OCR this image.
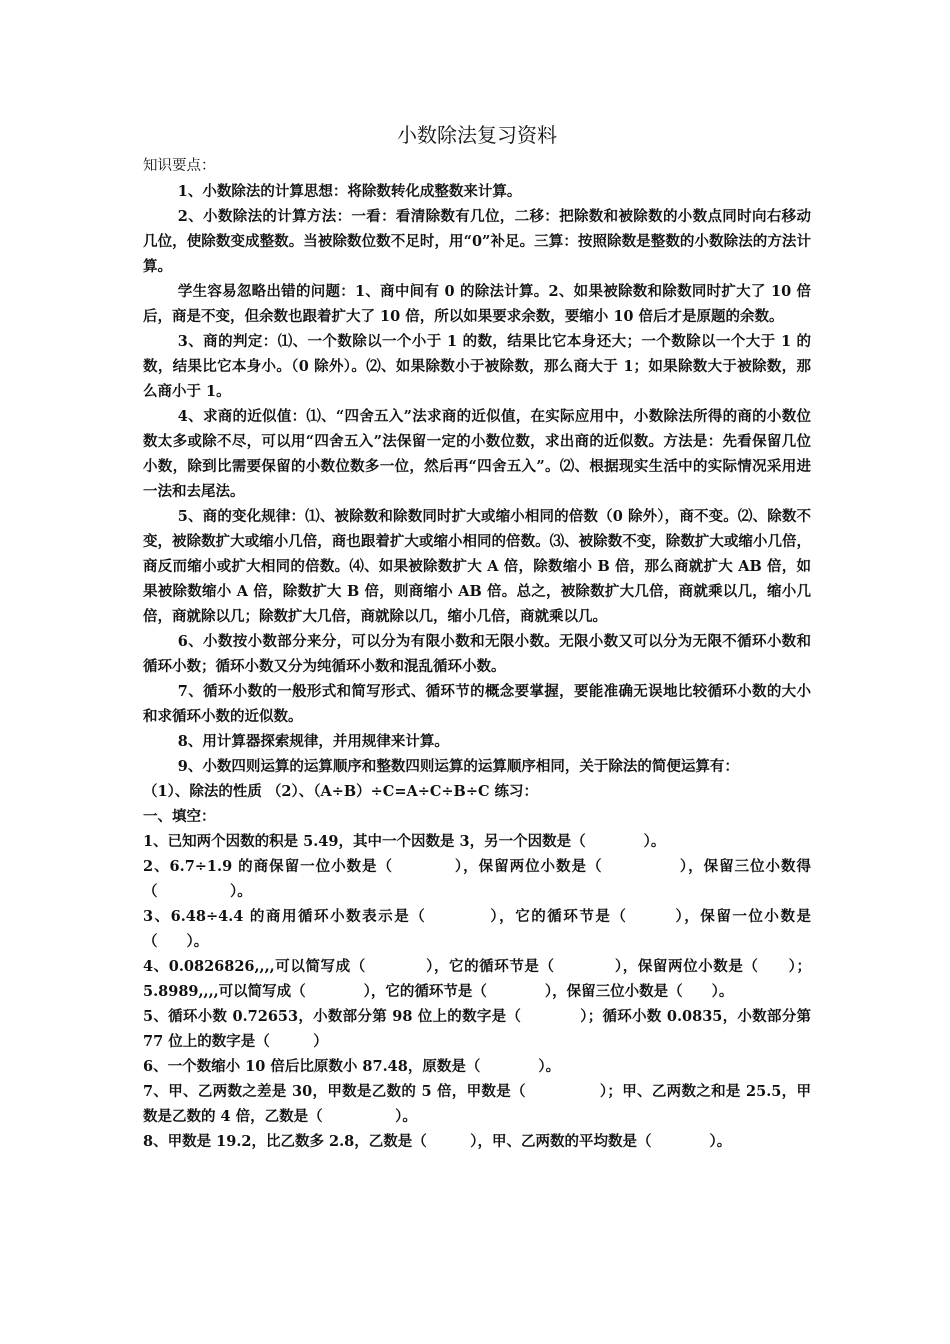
小数除法复习资料

知识要点：

1、小数除法的计算思想：将除数转化成整数来计算。

2、小数除法的计算方法：一看：看清除数有几位，二移：把除数和被除数的小数点同时向右移动几位，使除数变成整数。当被除数位数不足时，用“0”补足。三算：按照除数是整数的小数除法的方法计算。

学生容易忽略出错的问题：1、商中间有 0 的除法计算。2、如果被除数和除数同时扩大了 10 倍后，商是不变，但余数也跟着扩大了 10 倍，所以如果要求余数，要缩小 10 倍后才是原题的余数。

3、商的判定：⑴、一个数除以一个小于 1 的数，结果比它本身还大；一个数除以一个大于 1 的数，结果比它本身小。（0 除外）。⑵、如果除数小于被除数，那么商大于 1；如果除数大于被除数，那么商小于 1。

4、求商的近似值：⑴、“四舍五入”法求商的近似值，在实际应用中，小数除法所得的商的小数位数太多或除不尽，可以用“四舍五入”法保留一定的小数位数，求出商的近似数。方法是：先看保留几位小数，除到比需要保留的小数位数多一位，然后再“四舍五入”。⑵、根据现实生活中的实际情况采用进一法和去尾法。

5、商的变化规律：⑴、被除数和除数同时扩大或缩小相同的倍数（0 除外），商不变。⑵、除数不变，被除数扩大或缩小几倍，商也跟着扩大或缩小相同的倍数。⑶、被除数不变，除数扩大或缩小几倍，商反而缩小或扩大相同的倍数。⑷、如果被除数扩大 A 倍，除数缩小 B 倍，那么商就扩大 AB 倍，如果被除数缩小 A 倍，除数扩大 B 倍，则商缩小 AB 倍。总之，被除数扩大几倍，商就乘以几，缩小几倍，商就除以几；除数扩大几倍，商就除以几，缩小几倍，商就乘以几。

6、小数按小数部分来分，可以分为有限小数和无限小数。无限小数又可以分为无限不循环小数和循环小数；循环小数又分为纯循环小数和混乱循环小数。

7、循环小数的一般形式和简写形式、循环节的概念要掌握，要能准确无误地比较循环小数的大小和求循环小数的近似数。

8、用计算器探索规律，并用规律来计算。

9、小数四则运算的运算顺序和整数四则运算的运算顺序相同，关于除法的简便运算有：

（1）、除法的性质 （2）、（A÷B）÷C=A÷C÷B÷C 练习：

一、填空：

1、已知两个因数的积是 5.49，其中一个因数是 3，另一个因数是（　　　　）。

2、6.7÷1.9 的商保留一位小数是（　　　　），保留两位小数是（　　　　　），保留三位小数得（　　　　　）。

3、6.48÷4.4 的商用循环小数表示是（　　　　），它的循环节是（　　　），保留一位小数是（　　）。

4、0.0826826,,,,可以简写成（　　　　），它的循环节是（　　　　），保留两位小数是（　　）；5.8989,,,,可以简写成（　　　　），它的循环节是（　　　　），保留三位小数是（　　）。

5、循环小数 0.72653，小数部分第 98 位上的数字是（　　　　）；循环小数 0.0835，小数部分第 77 位上的数字是（　　　）

6、一个数缩小 10 倍后比原数小 87.48，原数是（　　　　）。

7、甲、乙两数之差是 30，甲数是乙数的 5 倍，甲数是（　　　　　）；甲、乙两数之和是 25.5，甲数是乙数的 4 倍，乙数是（　　　　　）。

8、甲数是 19.2，比乙数多 2.8，乙数是（　　　），甲、乙两数的平均数是（　　　　）。
